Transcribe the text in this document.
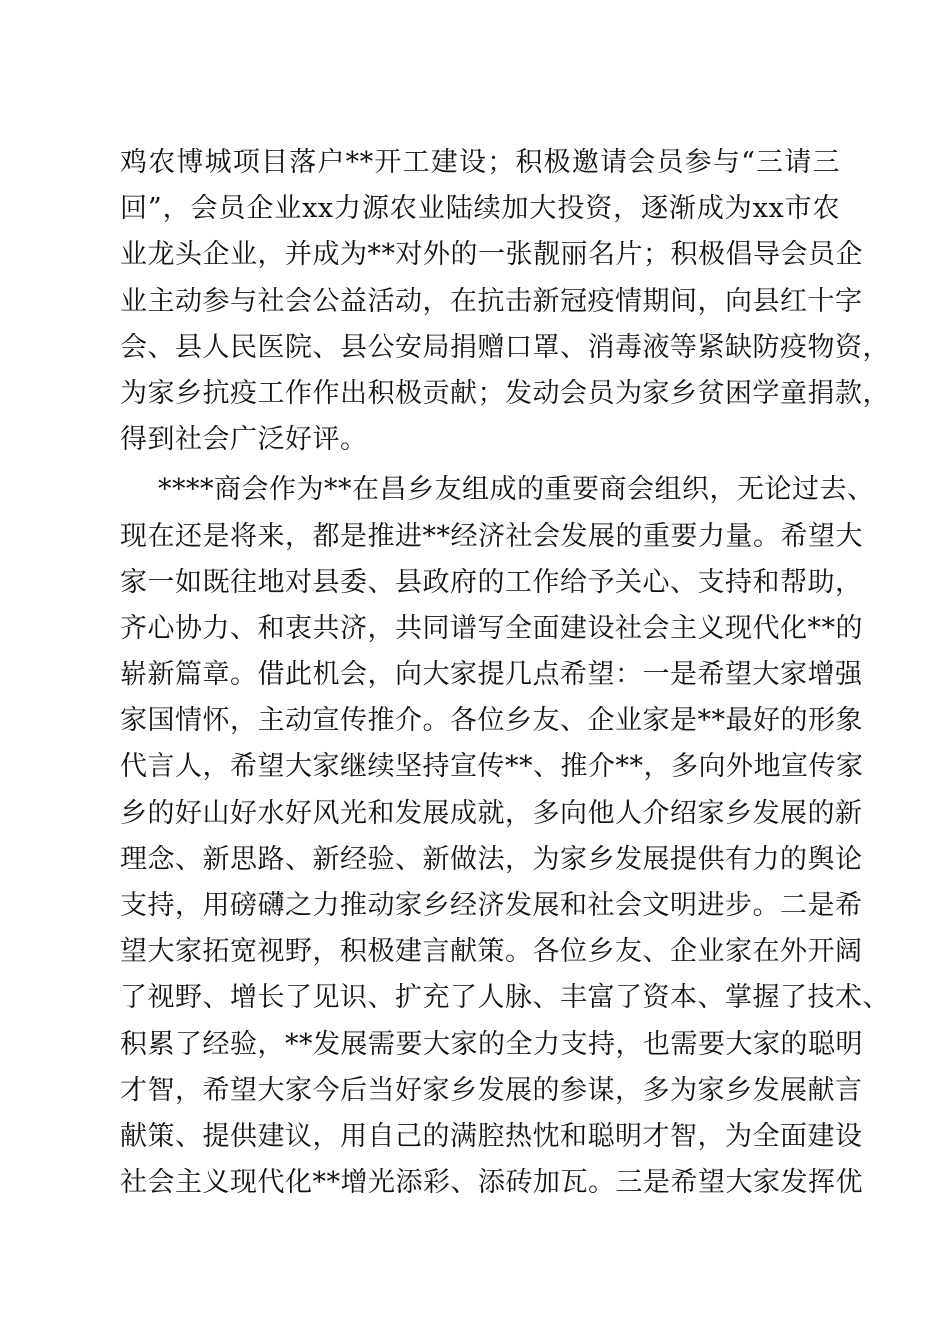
鸡农博城项目落户**开工建设；积极邀请会员参与“三请三
回”，会员企业xx力源农业陆续加大投资，逐渐成为xx市农
业龙头企业，并成为**对外的一张靓丽名片；积极倡导会员企
业主动参与社会公益活动，在抗击新冠疫情期间，向县红十字
会、县人民医院、县公安局捐赠口罩、消毒液等紧缺防疫物资，
为家乡抗疫工作作出积极贡献；发动会员为家乡贫困学童捐款，
得到社会广泛好评。
****商会作为**在昌乡友组成的重要商会组织，无论过去、
现在还是将来，都是推进**经济社会发展的重要力量。希望大
家一如既往地对县委、县政府的工作给予关心、支持和帮助，
齐心协力、和衷共济，共同谱写全面建设社会主义现代化**的
崭新篇章。借此机会，向大家提几点希望：一是希望大家增强
家国情怀，主动宣传推介。各位乡友、企业家是**最好的形象
代言人，希望大家继续坚持宣传**、推介**，多向外地宣传家
乡的好山好水好风光和发展成就，多向他人介绍家乡发展的新
理念、新思路、新经验、新做法，为家乡发展提供有力的舆论
支持，用磅礴之力推动家乡经济发展和社会文明进步。二是希
望大家拓宽视野，积极建言献策。各位乡友、企业家在外开阔
了视野、增长了见识、扩充了人脉、丰富了资本、掌握了技术、
积累了经验，**发展需要大家的全力支持，也需要大家的聪明
才智，希望大家今后当好家乡发展的参谋，多为家乡发展献言
献策、提供建议，用自己的满腔热忱和聪明才智，为全面建设
社会主义现代化**增光添彩、添砖加瓦。三是希望大家发挥优
